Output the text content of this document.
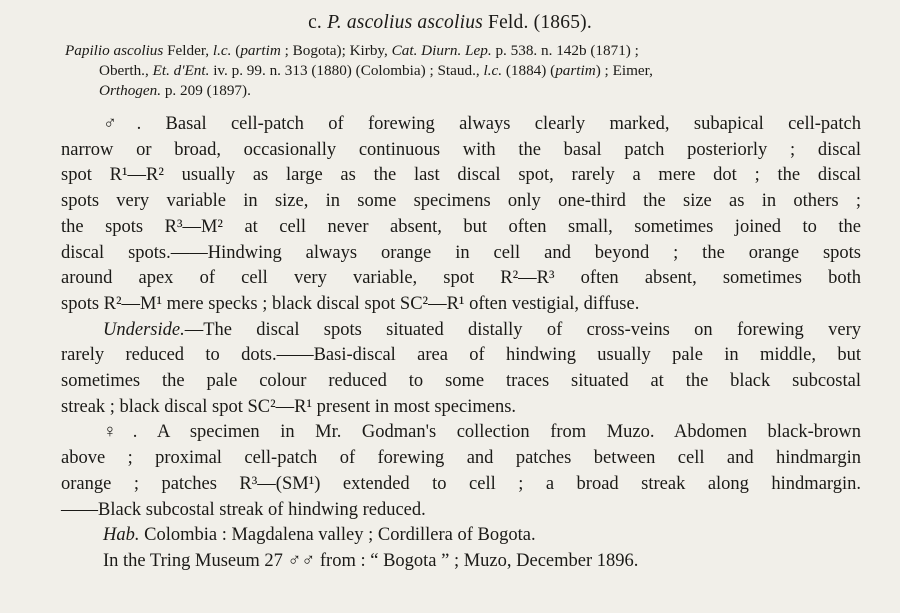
c. P. ascolius ascolius Feld. (1865).
Papilio ascolius Felder, l.c. (partim ; Bogota); Kirby, Cat. Diurn. Lep. p. 538. n. 142b (1871) ;
Oberth., Et. d'Ent. iv. p. 99. n. 313 (1880) (Colombia) ; Staud., l.c. (1884) (partim) ; Eimer,
Orthogen. p. 209 (1897).
♂. Basal cell-patch of forewing always clearly marked, subapical cell-patch
narrow or broad, occasionally continuous with the basal patch posteriorly ; discal
spot R¹—R² usually as large as the last discal spot, rarely a mere dot ; the discal
spots very variable in size, in some specimens only one-third the size as in others ;
the spots R³—M² at cell never absent, but often small, sometimes joined to the
discal spots.——Hindwing always orange in cell and beyond ; the orange spots
around apex of cell very variable, spot R²—R³ often absent, sometimes both
spots R²—M¹ mere specks ; black discal spot SC²—R¹ often vestigial, diffuse.
Underside.—The discal spots situated distally of cross-veins on forewing very
rarely reduced to dots.——Basi-discal area of hindwing usually pale in middle, but
sometimes the pale colour reduced to some traces situated at the black subcostal
streak ; black discal spot SC²—R¹ present in most specimens.
♀. A specimen in Mr. Godman's collection from Muzo. Abdomen black-brown
above ; proximal cell-patch of forewing and patches between cell and hindmargin
orange ; patches R³—(SM¹) extended to cell ; a broad streak along hindmargin.
——Black subcostal streak of hindwing reduced.
Hab. Colombia : Magdalena valley ; Cordillera of Bogota.
In the Tring Museum 27 ♂♂ from : “ Bogota ” ; Muzo, December 1896.
